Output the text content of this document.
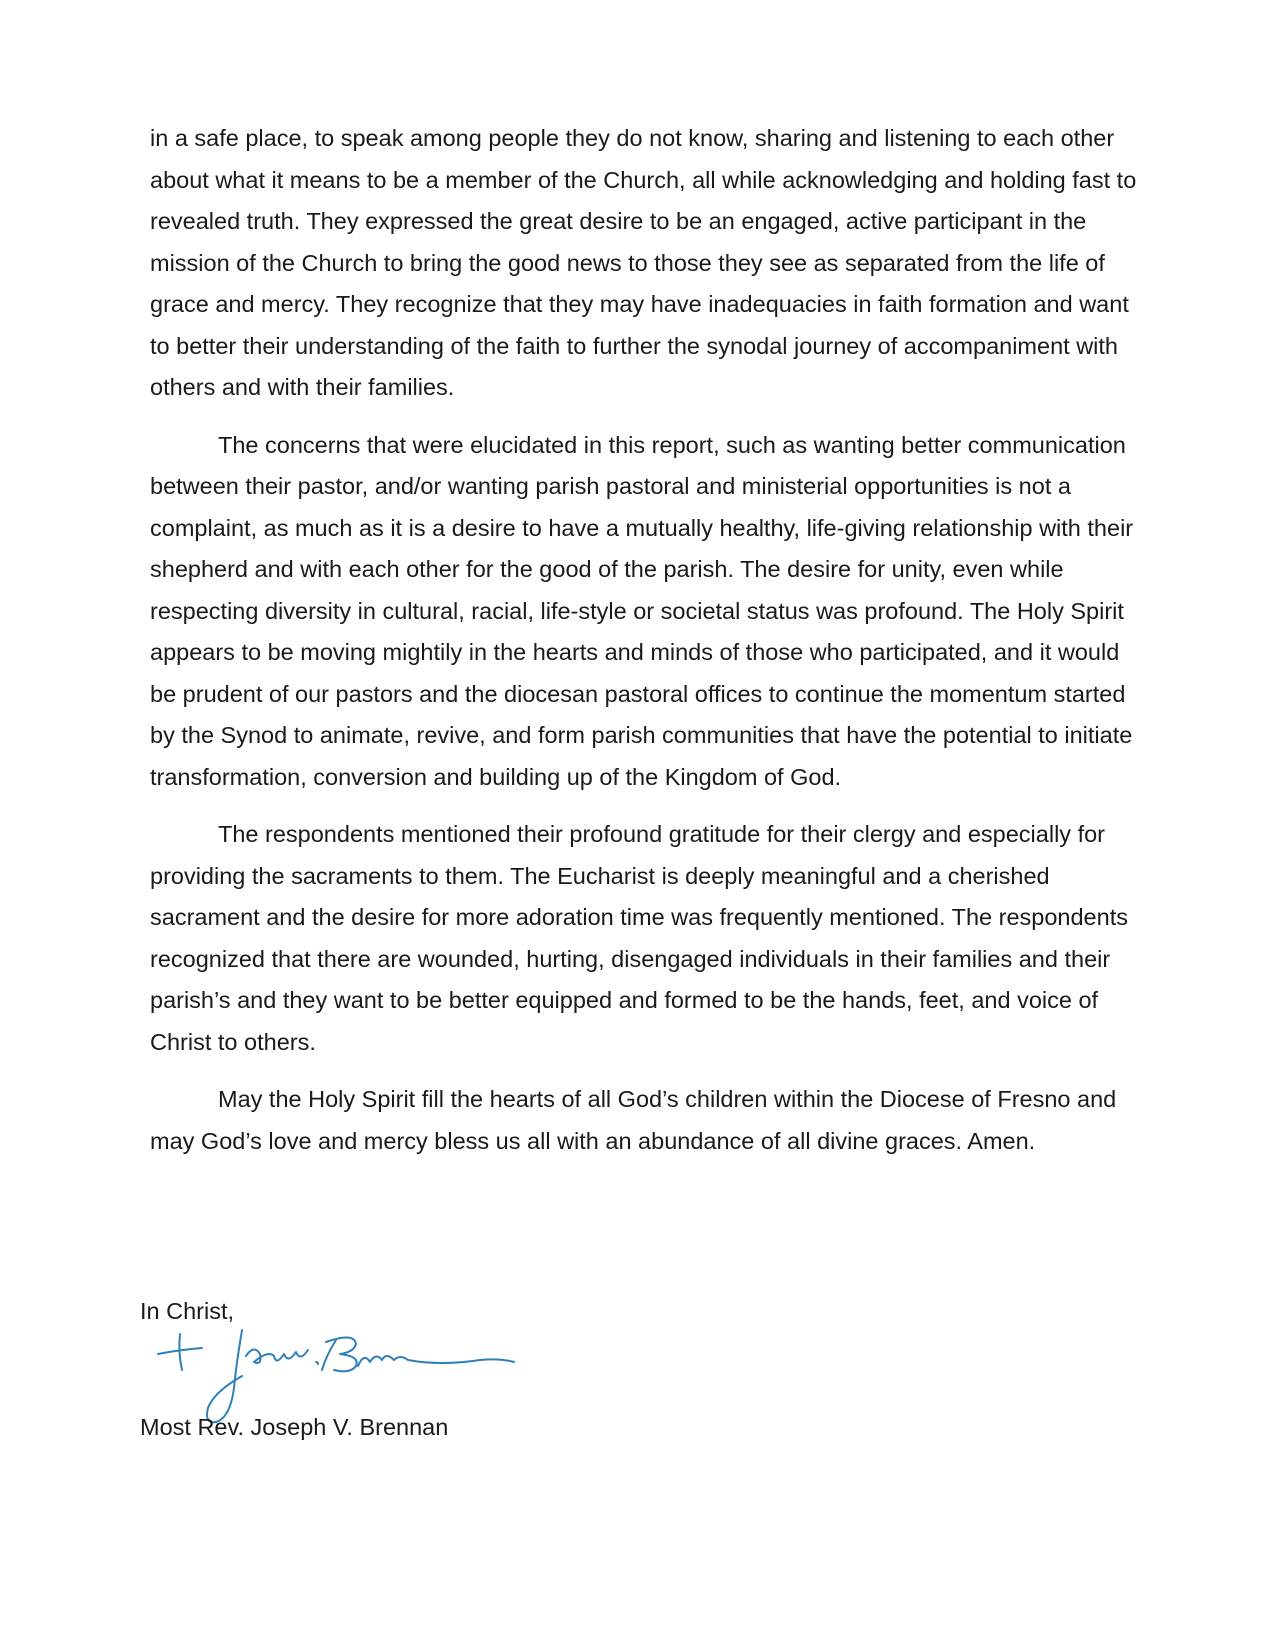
in a safe place, to speak among people they do not know, sharing and listening to each other about what it means to be a member of the Church, all while acknowledging and holding fast to revealed truth. They expressed the great desire to be an engaged, active participant in the mission of the Church to bring the good news to those they see as separated from the life of grace and mercy. They recognize that they may have inadequacies in faith formation and want to better their understanding of the faith to further the synodal journey of accompaniment with others and with their families.

The concerns that were elucidated in this report, such as wanting better communication between their pastor, and/or wanting parish pastoral and ministerial opportunities is not a complaint, as much as it is a desire to have a mutually healthy, life-giving relationship with their shepherd and with each other for the good of the parish. The desire for unity, even while respecting diversity in cultural, racial, life-style or societal status was profound. The Holy Spirit appears to be moving mightily in the hearts and minds of those who participated, and it would be prudent of our pastors and the diocesan pastoral offices to continue the momentum started by the Synod to animate, revive, and form parish communities that have the potential to initiate transformation, conversion and building up of the Kingdom of God.

The respondents mentioned their profound gratitude for their clergy and especially for providing the sacraments to them. The Eucharist is deeply meaningful and a cherished sacrament and the desire for more adoration time was frequently mentioned. The respondents recognized that there are wounded, hurting, disengaged individuals in their families and their parish’s and they want to be better equipped and formed to be the hands, feet, and voice of Christ to others.

May the Holy Spirit fill the hearts of all God’s children within the Diocese of Fresno and may God’s love and mercy bless us all with an abundance of all divine graces. Amen.

In Christ,
Most Rev. Joseph V. Brennan
